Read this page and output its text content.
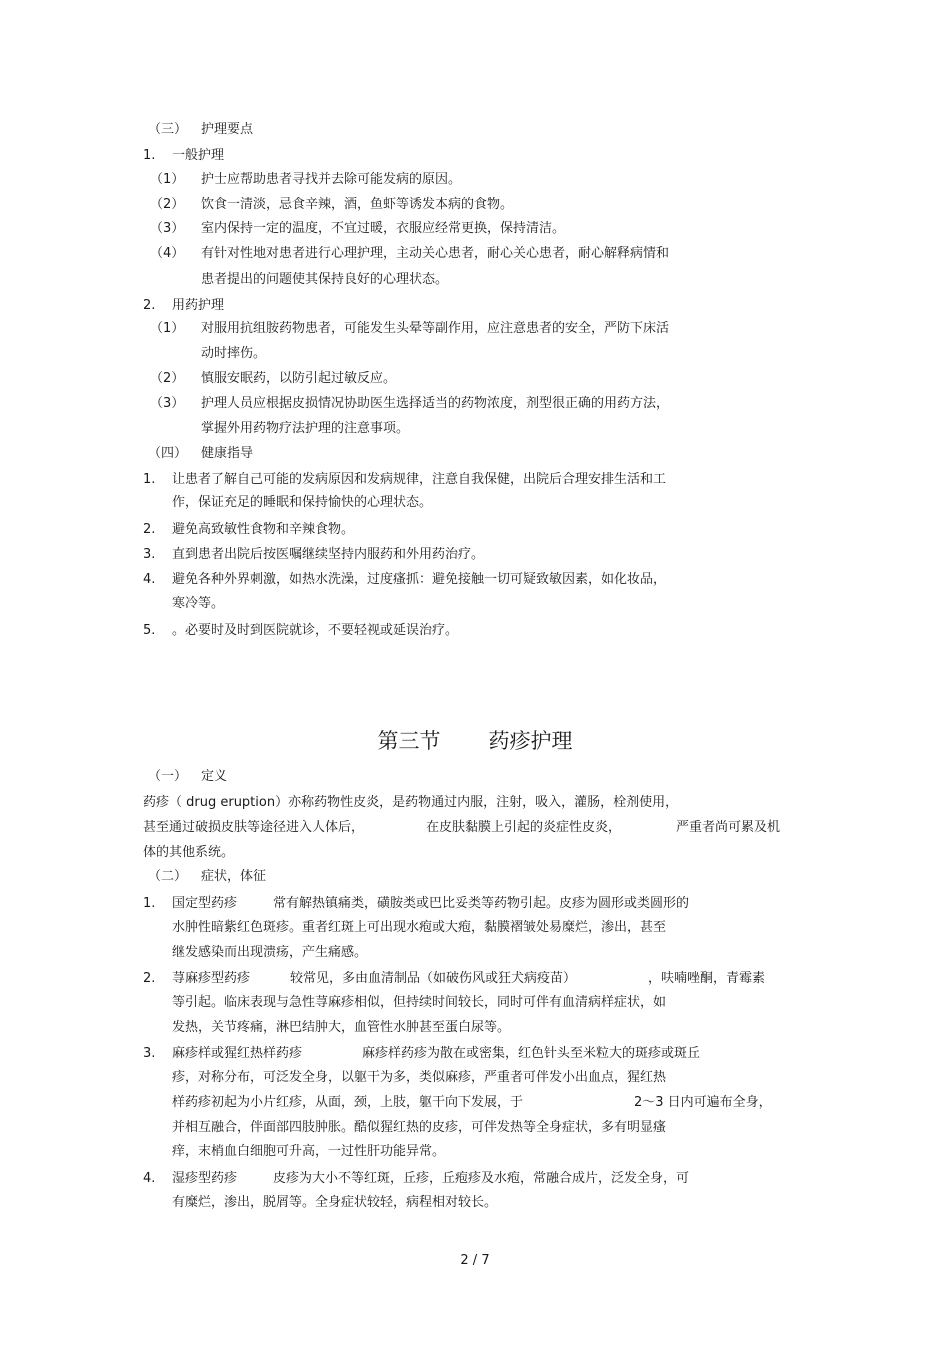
（三） 护理要点
1. 一般护理
（1） 护士应帮助患者寻找并去除可能发病的原因。
（2） 饮食一清淡，忌食辛辣，酒，鱼虾等诱发本病的食物。
（3） 室内保持一定的温度，不宜过暖，衣服应经常更换，保持清洁。
（4） 有针对性地对患者进行心理护理，主动关心患者，耐心关心患者，耐心解释病情和
患者提出的问题使其保持良好的心理状态。
2. 用药护理
（1） 对服用抗组胺药物患者，可能发生头晕等副作用，应注意患者的安全，严防下床活
动时摔伤。
（2） 慎服安眠药，以防引起过敏反应。
（3） 护理人员应根据皮损情况协助医生选择适当的药物浓度，剂型很正确的用药方法，
掌握外用药物疗法护理的注意事项。
（四） 健康指导
1. 让患者了解自己可能的发病原因和发病规律，注意自我保健，出院后合理安排生活和工
作，保证充足的睡眠和保持愉快的心理状态。
2. 避免高致敏性食物和辛辣食物。
3. 直到患者出院后按医嘱继续坚持内服药和外用药治疗。
4. 避免各种外界刺激，如热水洗澡，过度瘙抓：避免接触一切可疑致敏因素，如化妆品，
寒冷等。
5. 。必要时及时到医院就诊，不要轻视或延误治疗。
第三节 药疹护理
（一） 定义
药疹（ drug eruption）亦称药物性皮炎，是药物通过内服，注射，吸入，灌肠，栓剂使用，
甚至通过破损皮肤等途径进入人体后，	在皮肤黏膜上引起的炎症性皮炎，	严重者尚可累及机
体的其他系统。
（二） 症状，体征
1. 国定型药疹	常有解热镇痛类，磺胺类或巴比妥类等药物引起。皮疹为圆形或类圆形的
水肿性暗紫红色斑疹。重者红斑上可出现水疱或大疱，黏膜褶皱处易糜烂，渗出，甚至
继发感染而出现溃疡，产生痛感。
2. 荨麻疹型药疹	较常见，多由血清制品（如破伤风或狂犬病疫苗）	，呋喃唑酮，青霉素
等引起。临床表现与急性荨麻疹相似，但持续时间较长，同时可伴有血清病样症状，如
发热，关节疼痛，淋巴结肿大，血管性水肿甚至蛋白尿等。
3. 麻疹样或猩红热样药疹	麻疹样药疹为散在或密集，红色针头至米粒大的斑疹或斑丘
疹，对称分布，可泛发全身，以躯干为多，类似麻疹，严重者可伴发小出血点，猩红热
样药疹初起为小片红疹，从面，颈，上肢，躯干向下发展，于	2～3 日内可遍布全身，
并相互融合，伴面部四肢肿胀。酷似猩红热的皮疹，可伴发热等全身症状，多有明显瘙
痒，末梢血白细胞可升高，一过性肝功能异常。
4. 湿疹型药疹	皮疹为大小不等红斑，丘疹，丘疱疹及水疱，常融合成片，泛发全身，可
有糜烂，渗出，脱屑等。全身症状较轻，病程相对较长。
2 / 7
